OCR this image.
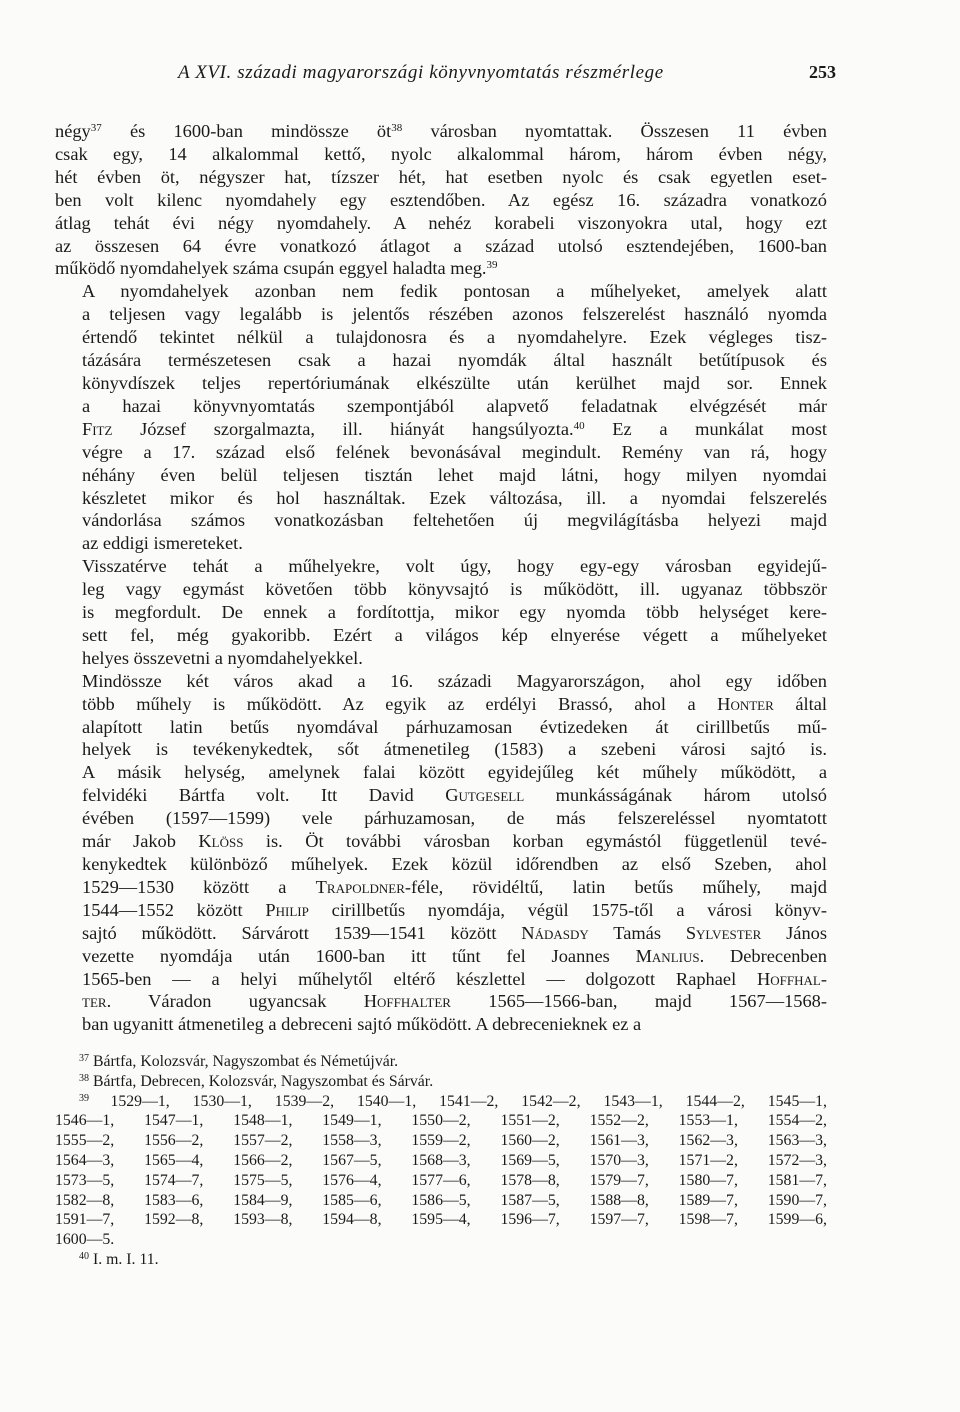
A XVI. századi magyarországi könyvnyomtatás részmérlege	253
négy$^{37}$ és 1600-ban mindössze $öt^{38}$ városban nyomtattak. Összesen 11 évben
csak egy, 14 alkalommal kettő, nyolc alkalommal három, három évben négy,
hét évben öt, négyszer hat, tízszer hét, hat esetben nyolc és csak egyetlen eset-
ben volt kilenc nyomdahely egy esztendőben. Az egész 16. századra vonatkozó
átlag tehát évi négy nyomdahely. A nehéz korabeli viszonyokra utal, hogy ezt
az összesen 64 évre vonatkozó átlagot a század utolsó esztendejében, 1600-ban
működő nyomdahelyek száma csupán eggyel haladta meg.$^{39}$
A nyomdahelyek azonban nem fedik pontosan a műhelyeket, amelyek alatt
a teljesen vagy legalább is jelentős részében azonos felszerelést használó nyomda
értendő tekintet nélkül a tulajdonosra és a nyomdahelyre. Ezek végleges tisz-
tázására természetesen csak a hazai nyomdák által használt betűtípusok és
könyvdíszek teljes repertóriumának elkészülte után kerülhet majd sor. Ennek
a hazai könyvnyomtatás szempontjából alapvető feladatnak elvégzését már
Fitz József szorgalmazta, ill. hiányát hangsúlyozta.$^{40}$ Ez a munkálat most
végre a 17. század első felének bevonásával megindult. Remény van rá, hogy
néhány éven belül teljesen tisztán lehet majd látni, hogy milyen nyomdai
készletet mikor és hol használtak. Ezek változása, ill. a nyomdai felszerelés
vándorlása számos vonatkozásban feltehetően új megvilágításba helyezi majd
az eddigi ismereteket.
Visszatérve tehát a műhelyekre, volt úgy, hogy egy-egy városban egyidejű-
leg vagy egymást követően több könyvsajtó is működött, ill. ugyanaz többször
is megfordult. De ennek a fordítottja, mikor egy nyomda több helységet kere-
sett fel, még gyakoribb. Ezért a világos kép elnyerése végett a műhelyeket
helyes összevetni a nyomdahelyekkel.
Mindössze két város akad a 16. századi Magyarországon, ahol egy időben
több műhely is működött. Az egyik az erdélyi Brassó, ahol a Honter által
alapított latin betűs nyomdával párhuzamosan évtizedeken át cirillbetűs mű-
helyek is tevékenykedtek, sőt átmenetileg (1583) a szebeni városi sajtó is.
A másik helység, amelynek falai között egyidejűleg két műhely működött, a
felvidéki Bártfa volt. Itt David Gutgesell munkásságának három utolsó
évében (1597—1599) vele párhuzamosan, de más felszereléssel nyomtatott
már Jakob Klöss is. Öt további városban korban egymástól függetlenül tevé-
kenykedtek különböző műhelyek. Ezek közül időrendben az első Szeben, ahol
1529—1530 között a Trapoldner-féle, rövidéltű, latin betűs műhely, majd
1544—1552 között Philip cirillbetűs nyomdája, végül 1575-től a városi könyv-
sajtó működött. Sárvárott 1539—1541 között Nádasdy Tamás Sylvester János
vezette nyomdája után 1600-ban itt tűnt fel Joannes Manlius. Debrecenben
1565-ben — a helyi műhelytől eltérő készlettel — dolgozott Raphael Hoffhal-
ter. Váradon ugyancsak Hoffhalter 1565—1566-ban, majd 1567—1568-
ban ugyanitt átmenetileg a debreceni sajtó működött. A debrecenieknek ez a
$^{37}$ Bártfa, Kolozsvár, Nagyszombat és Németújvár.
$^{38}$ Bártfa, Debrecen, Kolozsvár, Nagyszombat és Sárvár.
$^{39}$ 1529—1, 1530—1, 1539—2, 1540—1, 1541—2, 1542—2, 1543—1, 1544—2, 1545—1,
1546—1, 1547—1, 1548—1, 1549—1, 1550—2, 1551—2, 1552—2, 1553—1, 1554—2,
1555—2, 1556—2, 1557—2, 1558—3, 1559—2, 1560—2, 1561—3, 1562—3, 1563—3,
1564—3, 1565—4, 1566—2, 1567—5, 1568—3, 1569—5, 1570—3, 1571—2, 1572—3,
1573—5, 1574—7, 1575—5, 1576—4, 1577—6, 1578—8, 1579—7, 1580—7, 1581—7,
1582—8, 1583—6, 1584—9, 1585—6, 1586—5, 1587—5, 1588—8, 1589—7, 1590—7,
1591—7, 1592—8, 1593—8, 1594—8, 1595—4, 1596—7, 1597—7, 1598—7, 1599—6,
1600—5.
$^{40}$ I. m. I. 11.
